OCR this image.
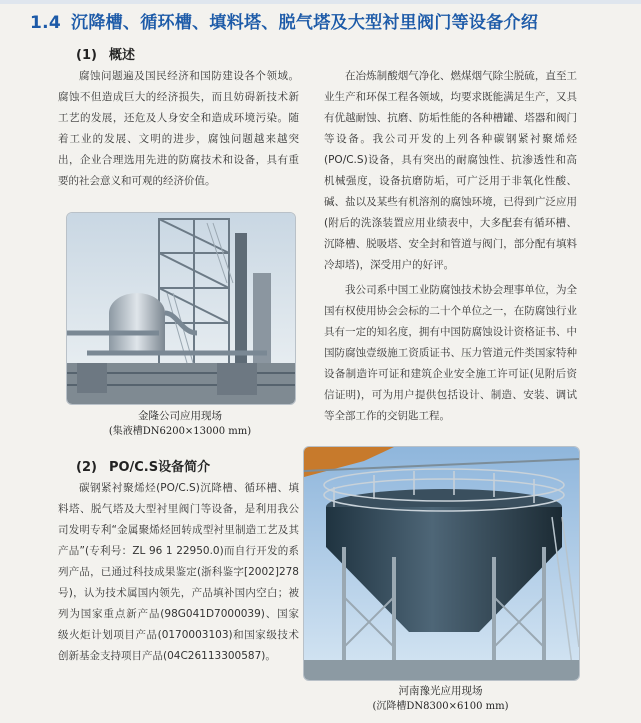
1.4 沉降槽、循环槽、填料塔、脱气塔及大型衬里阀门等设备介绍
(1) 概述

腐蚀问题遍及国民经济和国防建设各个领域。腐蚀不但造成巨大的经济损失，而且妨碍新技术新工艺的发展，还危及人身安全和造成环境污染。随着工业的发展、文明的进步，腐蚀问题越来越突出，企业合理选用先进的防腐技术和设备，具有重要的社会意义和可观的经济价值。

在冶炼制酸烟气净化、燃煤烟气除尘脱硫，直至工业生产和环保工程各领域，均要求既能满足生产，又具有优越耐蚀、抗磨、防垢性能的各种槽罐、塔器和阀门等设备。我公司开发的上列各种碳钢紧衬聚烯烃(PO/C.S)设备，具有突出的耐腐蚀性、抗渗透性和高机械强度，设备抗磨防垢，可广泛用于非氧化性酸、碱、盐以及某些有机溶剂的腐蚀环境，已得到广泛应用(附后的洗涤装置应用业绩表中，大多配套有循环槽、沉降槽、脱吸塔、安全封和管道与阀门，部分配有填料冷却塔)，深受用户的好评。

我公司系中国工业防腐蚀技术协会理事单位，为全国有权使用协会会标的二十个单位之一，在防腐蚀行业具有一定的知名度，拥有中国防腐蚀设计资格证书、中国防腐蚀壹级施工资质证书、压力管道元件类国家特种设备制造许可证和建筑企业安全施工许可证(见附后资信证明)，可为用户提供包括设计、制造、安装、调试等全部工作的交钥匙工程。

金隆公司应用现场
(集液槽DN6200×13000 mm)
(2) PO/C.S设备简介

碳钢紧衬聚烯烃(PO/C.S)沉降槽、循环槽、填料塔、脱气塔及大型衬里阀门等设备，是利用我公司发明专利“金属聚烯烃回转成型衬里制造工艺及其产品”(专利号：ZL 96 1 22950.0)而自行开发的系列产品，已通过科技成果鉴定(浙科鉴字[2002]278号)，认为技术属国内领先，产品填补国内空白；被列为国家重点新产品(98G041D7000039)、国家级火炬计划项目产品(0170003103)和国家级技术创新基金支持项目产品(04C26113300587)。

河南豫光应用现场
(沉降槽DN8300×6100 mm)
